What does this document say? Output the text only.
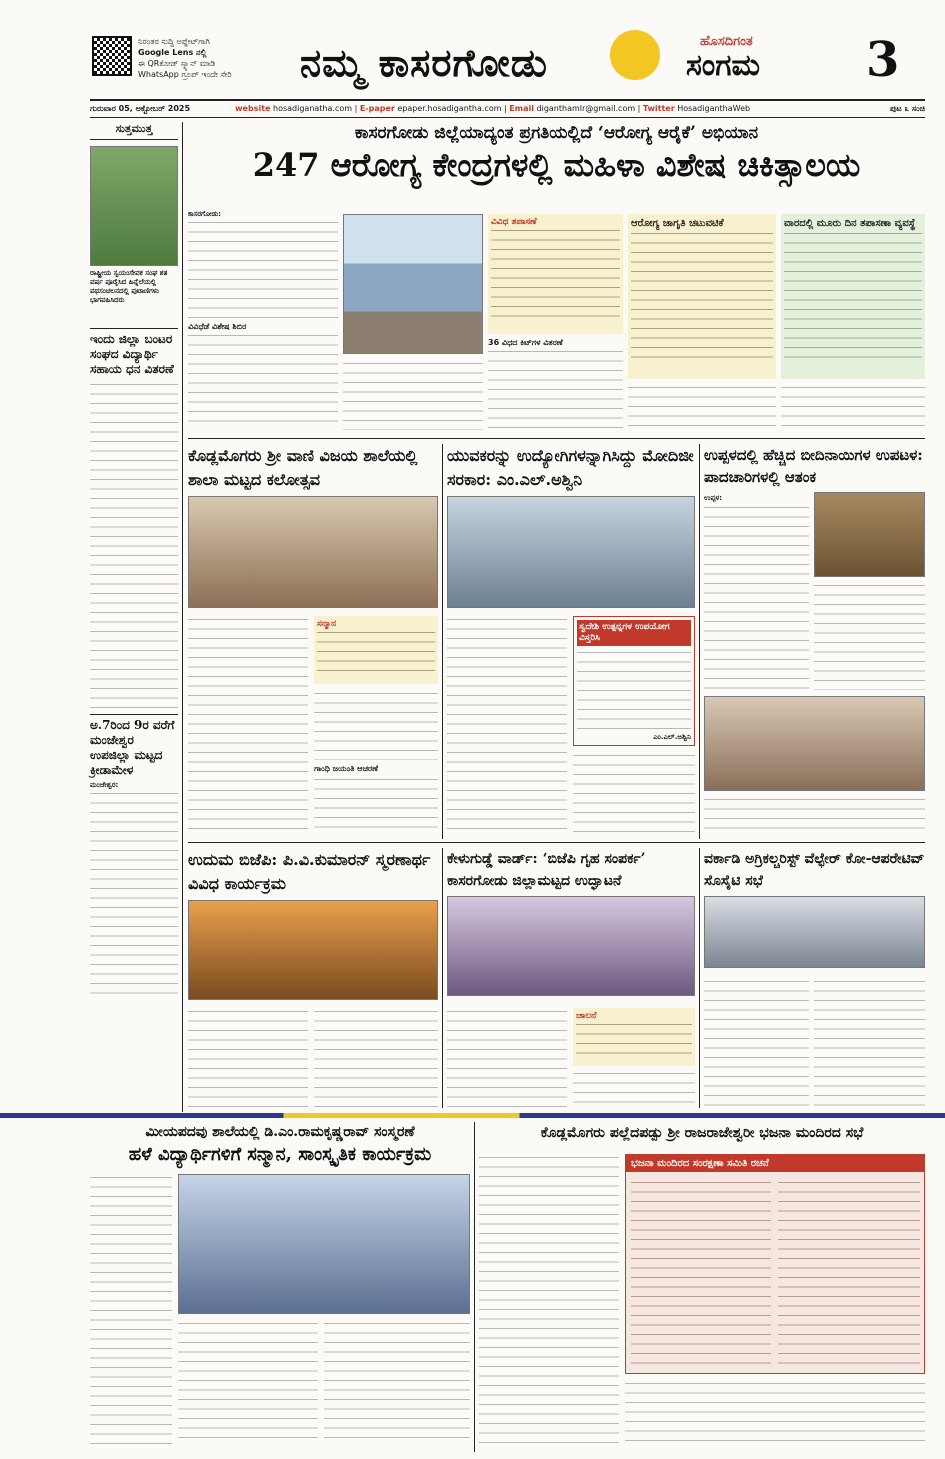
ನಿರಂತರ ಸುದ್ದಿ ಅಪ್ಡೇಟ್‌ಗಾಗಿ
Google Lens ನಲ್ಲಿ
ಈ QRಕೋಡ್ ಸ್ಕ್ಯಾನ್ ಮಾಡಿ
WhatsApp ಗ್ರೂಪ್ ಇಂದೇ ಸೇರಿ	ನಮ್ಮ ಕಾಸರಗೋಡು	ಹೊಸದಿಗಂತ
ಸಂಗಮ 3
ಗುರುವಾರ 05, ಅಕ್ಟೋಬರ್ 2025	website hosadiganatha.com | E-paper epaper.hosadigantha.com | Email diganthamlr@gmail.com | Twitter HosadiganthaWeb	ಪುಟ ೩ ಸಂಚಿ
ಸುತ್ತಮುತ್ತ
ರಾಷ್ಟ್ರೀಯ ಸ್ವಯಂಸೇವಕ ಸಂಘ ಶತ ವರ್ಷ ಪೂರೈಸಿದ ಹಿನ್ನೆಲೆಯಲ್ಲಿ ಪಥಸಂಚಲನದಲ್ಲಿ ಪುಟಾಣಿಗಳು ಭಾಗವಹಿಸಿದರು
ಇಂದು ಜಿಲ್ಲಾ ಬಂಟರ ಸಂಘದ ವಿದ್ಯಾರ್ಥಿ ಸಹಾಯ ಧನ ವಿತರಣೆ
ಅ.7ರಿಂದ 9ರ ವರೆಗೆ ಮಂಜೇಶ್ವರ ಉಪಜಿಲ್ಲಾ ಮಟ್ಟದ ಕ್ರೀಡಾಮೇಳ
ಮಂಜೇಶ್ವರ:
ಕಾಸರಗೋಡು ಜಿಲ್ಲೆಯಾದ್ಯಂತ ಪ್ರಗತಿಯಲ್ಲಿದೆ ‘ಆರೋಗ್ಯ ಆರೈಕೆ’ ಅಭಿಯಾನ
247 ಆರೋಗ್ಯ ಕೇಂದ್ರಗಳಲ್ಲಿ ಮಹಿಳಾ ವಿಶೇಷ ಚಿಕಿತ್ಸಾಲಯ
ಕಾಸರಗೋಡು:
ವಿವಿಧೆಡೆ ವಿಶೇಷ ಶಿಬಿರ
ವಿವಿಧ ತಪಾಸಣೆ
36 ವಿಧದ ಕಿಟ್‌ಗಳ ವಿತರಣೆ
ಆರೋಗ್ಯ ಜಾಗೃತಿ ಚಟುವಟಿಕೆ	ವಾರದಲ್ಲಿ ಮೂರು ದಿನ ತಪಾಸಣಾ ವ್ಯವಸ್ಥೆ
ಕೊಡ್ಲಮೊಗರು ಶ್ರೀ ವಾಣಿ ವಿಜಯ ಶಾಲೆಯಲ್ಲಿ ಶಾಲಾ ಮಟ್ಟದ ಕಲೋತ್ಸವ
ಸನ್ಮಾನ
ಗಾಂಧಿ ಜಯಂತಿ ಆಚರಣೆ
ಯುವಕರನ್ನು ಉದ್ಯೋಗಿಗಳನ್ನಾಗಿಸಿದ್ದು ಮೋದಿಜೀ ಸರಕಾರ: ಎಂ.ಎಲ್.ಅಶ್ವಿನಿ
ಸ್ವದೇಶಿ ಉತ್ಪನ್ನಗಳ ಉಪಯೋಗ ವಿಸ್ತರಿಸಿ
ಎಂ.ಎಲ್.ಅಶ್ವಿನಿ
ಉಪ್ಪಳದಲ್ಲಿ ಹೆಚ್ಚಿದ ಬೀದಿನಾಯಿಗಳ ಉಪಟಳ: ಪಾದಚಾರಿಗಳಲ್ಲಿ ಆತಂಕ
ಉಪ್ಪಳ:
ಉದುಮ ಬಿಜೆಪಿ: ಪಿ.ವಿ.ಕುಮಾರನ್ ಸ್ಮರಣಾರ್ಥ ವಿವಿಧ ಕಾರ್ಯಕ್ರಮ
ಕೇಳುಗುಡ್ಡೆ ವಾರ್ಡ್: ‘ಬಿಜೆಪಿ ಗೃಹ ಸಂಪರ್ಕ’ ಕಾಸರಗೋಡು ಜಿಲ್ಲಾಮಟ್ಟದ ಉದ್ಘಾಟನೆ
ಚಾಲನೆ
ವರ್ಕಾಡಿ ಅಗ್ರಿಕಲ್ಚರಿಸ್ಟ್ ವೆಲ್ಫೇರ್ ಕೋ-ಆಪರೇಟಿವ್ ಸೊಸೈಟಿ ಸಭೆ
ಮೀಯಪದವು ಶಾಲೆಯಲ್ಲಿ ಡಿ.ಎಂ.ರಾಮಕೃಷ್ಣರಾವ್ ಸಂಸ್ಮರಣೆ
ಹಳೆ ವಿದ್ಯಾರ್ಥಿಗಳಿಗೆ ಸನ್ಮಾನ, ಸಾಂಸ್ಕೃತಿಕ ಕಾರ್ಯಕ್ರಮ
ಕೊಡ್ಲಮೊಗರು ಪಲ್ಲೆದಪಡ್ಪು ಶ್ರೀ ರಾಜರಾಜೇಶ್ವರೀ ಭಜನಾ ಮಂದಿರದ ಸಭೆ
ಭಜನಾ ಮಂದಿರದ ಸಂರಕ್ಷಣಾ ಸಮಿತಿ ರಚನೆ
